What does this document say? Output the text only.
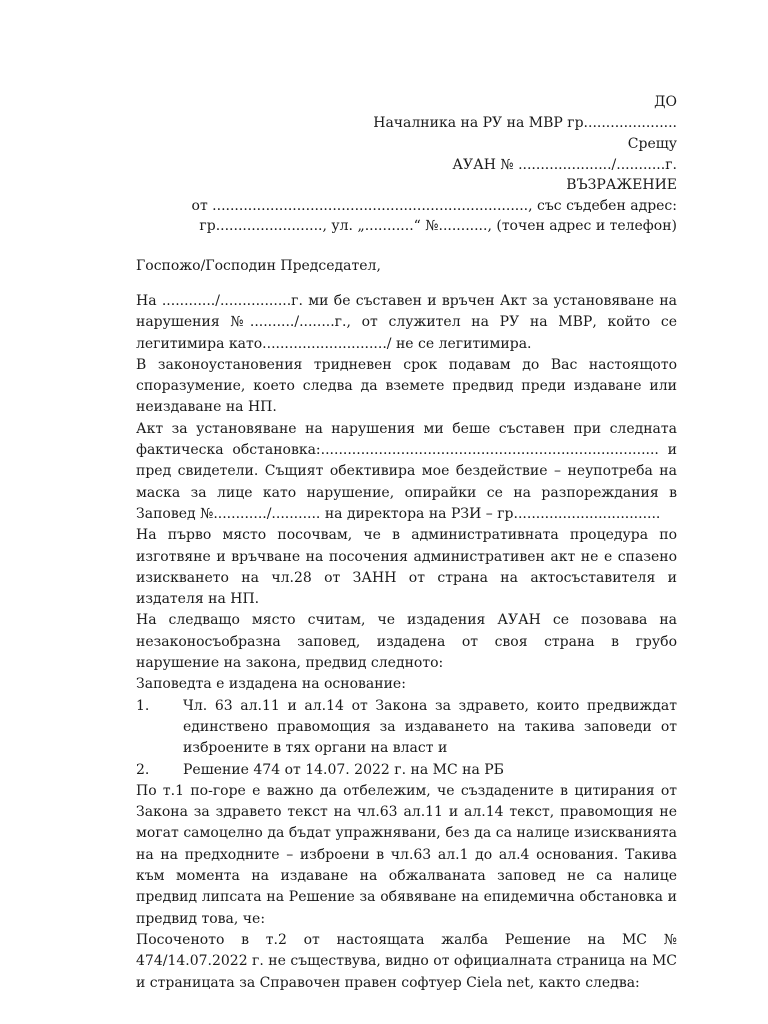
ДО
Началника на РУ на МВР гр.....................
Срещу
АУАН № ...................../...........г.
ВЪЗРАЖЕНИЕ
от ......................................................................., със съдебен адрес:
гр........................, ул. „...........“ №..........., (точен адрес и телефон)
Госпожо/Господин Председател,

На ............/................г. ми бе съставен и връчен Акт за установяване на нарушения №........../........г., от служител на РУ на МВР, който се легитимира като............................/ не се легитимира.

В законоустановения тридневен срок подавам до Вас настоящото споразумение, което следва да вземете предвид преди издаване или неиздаване на НП.

Акт за установяване на нарушения ми беше съставен при следната фактическа обстановка:............................................................................ и пред свидетели. Същият обективира мое бездействие – неупотреба на маска за лице като нарушение, опирайки се на разпорeждания в Заповед №............/........... на директора на РЗИ – гр.................................

На първо място посочвам, че в административната процедура по изготвяне и връчване на посочения административен акт не е спазено изискването на чл.28 от ЗАНН от страна на актосъставителя и издателя на НП.

На следващо място считам, че издадения АУАН се позовава на незаконосъобразна заповед, издадена от своя страна в грубо нарушение на закона, предвид следното:

Заповедта е издадена на основание:

1.	Чл. 63 ал.11 и ал.14 от Закона за здравето, които предвиждат единствено правомощия за издаването на такива заповеди от изброените в тях органи на власт и
2.	Решение 474 от 14.07. 2022 г. на МС на РБ

По т.1 по-горе е важно да отбележим, че създадените в цитирания от Закона за здравето текст на чл.63 ал.11 и ал.14 текст, правомощия не могат самоцелно да бъдат упражнявани, без да са налице изискванията на на предходните – изброени в чл.63 ал.1 до ал.4 основания. Такива към момента на издаване на обжалваната заповед не са налице предвид липсата на Решение за обявяване на епидемична обстановка и предвид това, че:

Посоченото в т.2 от настоящата жалба Решение на МС № 474/14.07.2022 г. не съществува, видно от официалната страница на МС и страницата за Справочен правен софтуер Ciela net, както следва:
